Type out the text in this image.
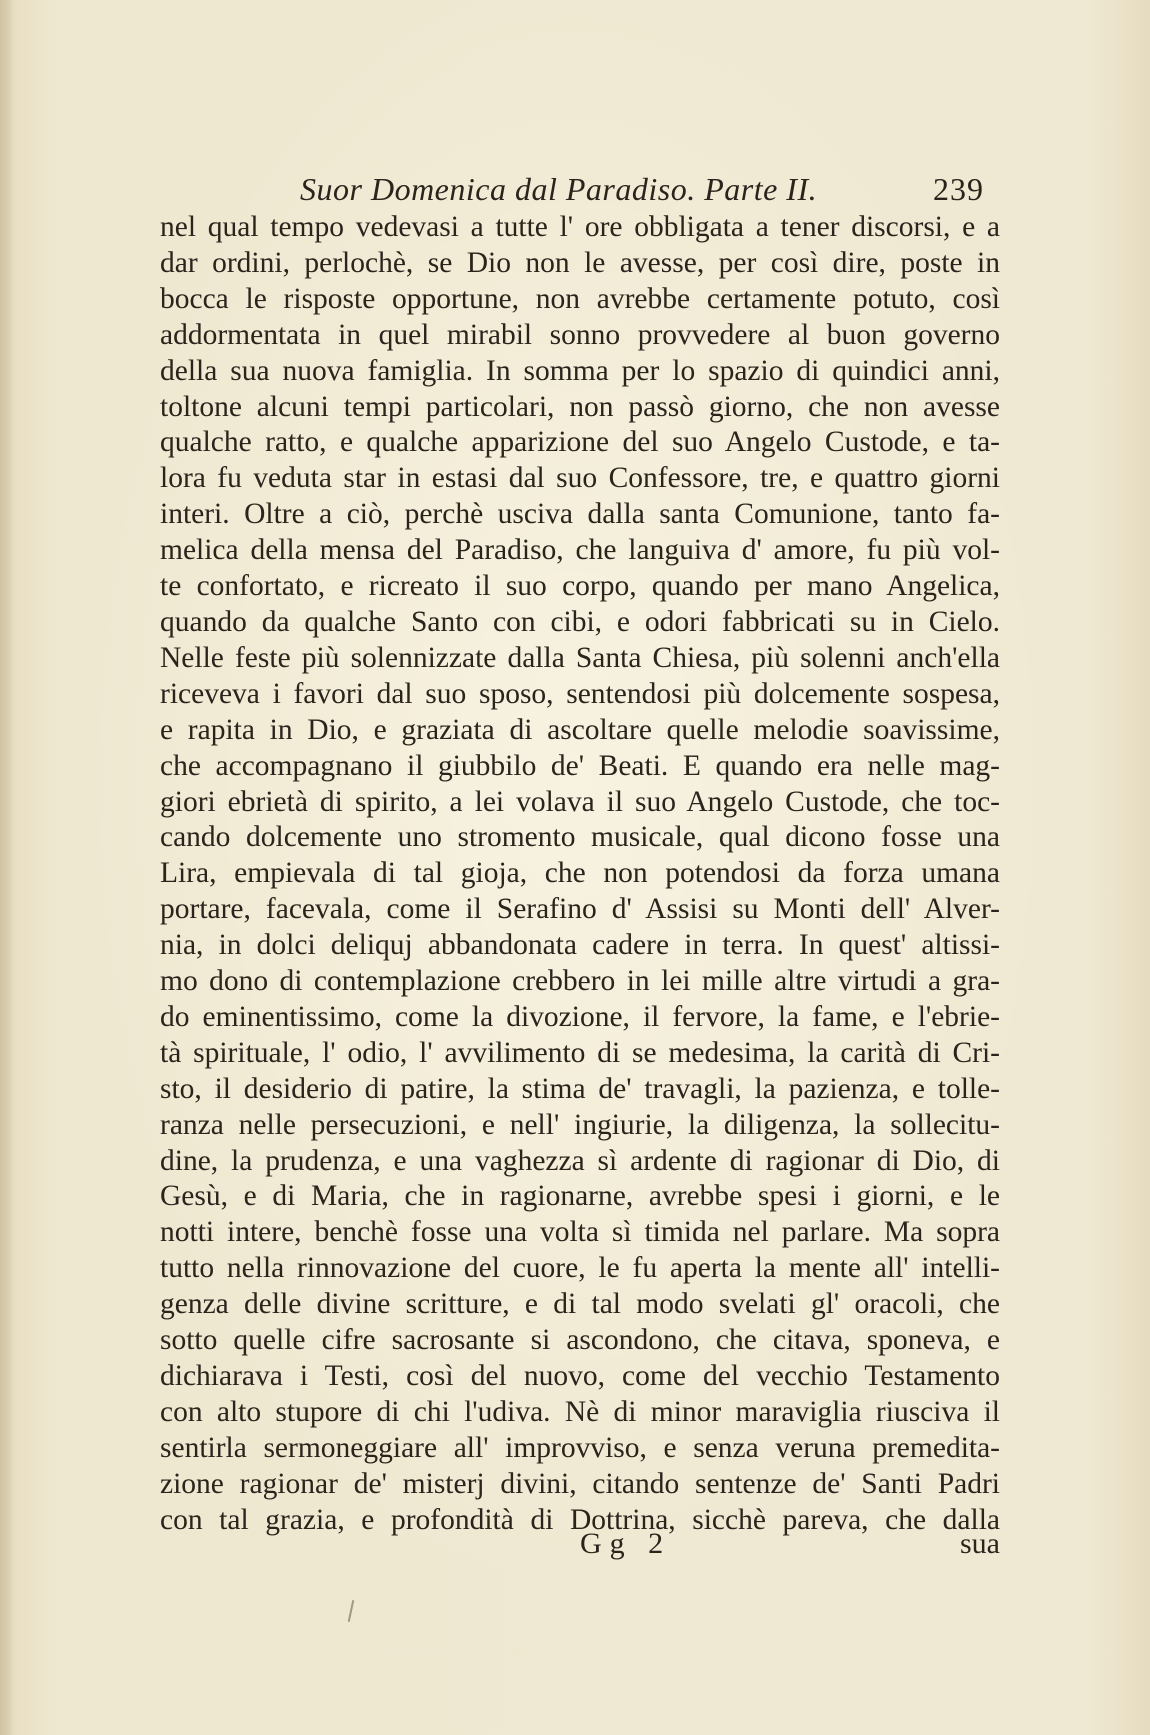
Suor Domenica dal Paradiso. Parte II.	239
nel qual tempo vedevasi a tutte l' ore obbligata a tener discorsi, e a
dar ordini, perlochè, se Dio non le avesse, per così dire, poste in
bocca le risposte opportune, non avrebbe certamente potuto, così
addormentata in quel mirabil sonno provvedere al buon governo
della sua nuova famiglia. In somma per lo spazio di quindici anni,
toltone alcuni tempi particolari, non passò giorno, che non avesse
qualche ratto, e qualche apparizione del suo Angelo Custode, e ta-
lora fu veduta star in estasi dal suo Confessore, tre, e quattro giorni
interi. Oltre a ciò, perchè usciva dalla santa Comunione, tanto fa-
melica della mensa del Paradiso, che languiva d' amore, fu più vol-
te confortato, e ricreato il suo corpo, quando per mano Angelica,
quando da qualche Santo con cibi, e odori fabbricati su in Cielo.
Nelle feste più solennizzate dalla Santa Chiesa, più solenni anch'ella
riceveva i favori dal suo sposo, sentendosi più dolcemente sospesa,
e rapita in Dio, e graziata di ascoltare quelle melodie soavissime,
che accompagnano il giubbilo de' Beati. E quando era nelle mag-
giori ebrietà di spirito, a lei volava il suo Angelo Custode, che toc-
cando dolcemente uno stromento musicale, qual dicono fosse una
Lira, empievala di tal gioja, che non potendosi da forza umana
portare, facevala, come il Serafino d' Assisi su Monti dell' Alver-
nia, in dolci deliquj abbandonata cadere in terra. In quest' altissi-
mo dono di contemplazione crebbero in lei mille altre virtudi a gra-
do eminentissimo, come la divozione, il fervore, la fame, e l'ebrie-
tà spirituale, l' odio, l' avvilimento di se medesima, la carità di Cri-
sto, il desiderio di patire, la stima de' travagli, la pazienza, e tolle-
ranza nelle persecuzioni, e nell' ingiurie, la diligenza, la sollecitu-
dine, la prudenza, e una vaghezza sì ardente di ragionar di Dio, di
Gesù, e di Maria, che in ragionarne, avrebbe spesi i giorni, e le
notti intere, benchè fosse una volta sì timida nel parlare. Ma sopra
tutto nella rinnovazione del cuore, le fu aperta la mente all' intelli-
genza delle divine scritture, e di tal modo svelati gl' oracoli, che
sotto quelle cifre sacrosante si ascondono, che citava, sponeva, e
dichiarava i Testi, così del nuovo, come del vecchio Testamento
con alto stupore di chi l'udiva. Nè di minor maraviglia riusciva il
sentirla sermoneggiare all' improvviso, e senza veruna premedita-
zione ragionar de' misterj divini, citando sentenze de' Santi Padri
con tal grazia, e profondità di Dottrina, sicchè pareva, che dalla
Gg 2	sua
